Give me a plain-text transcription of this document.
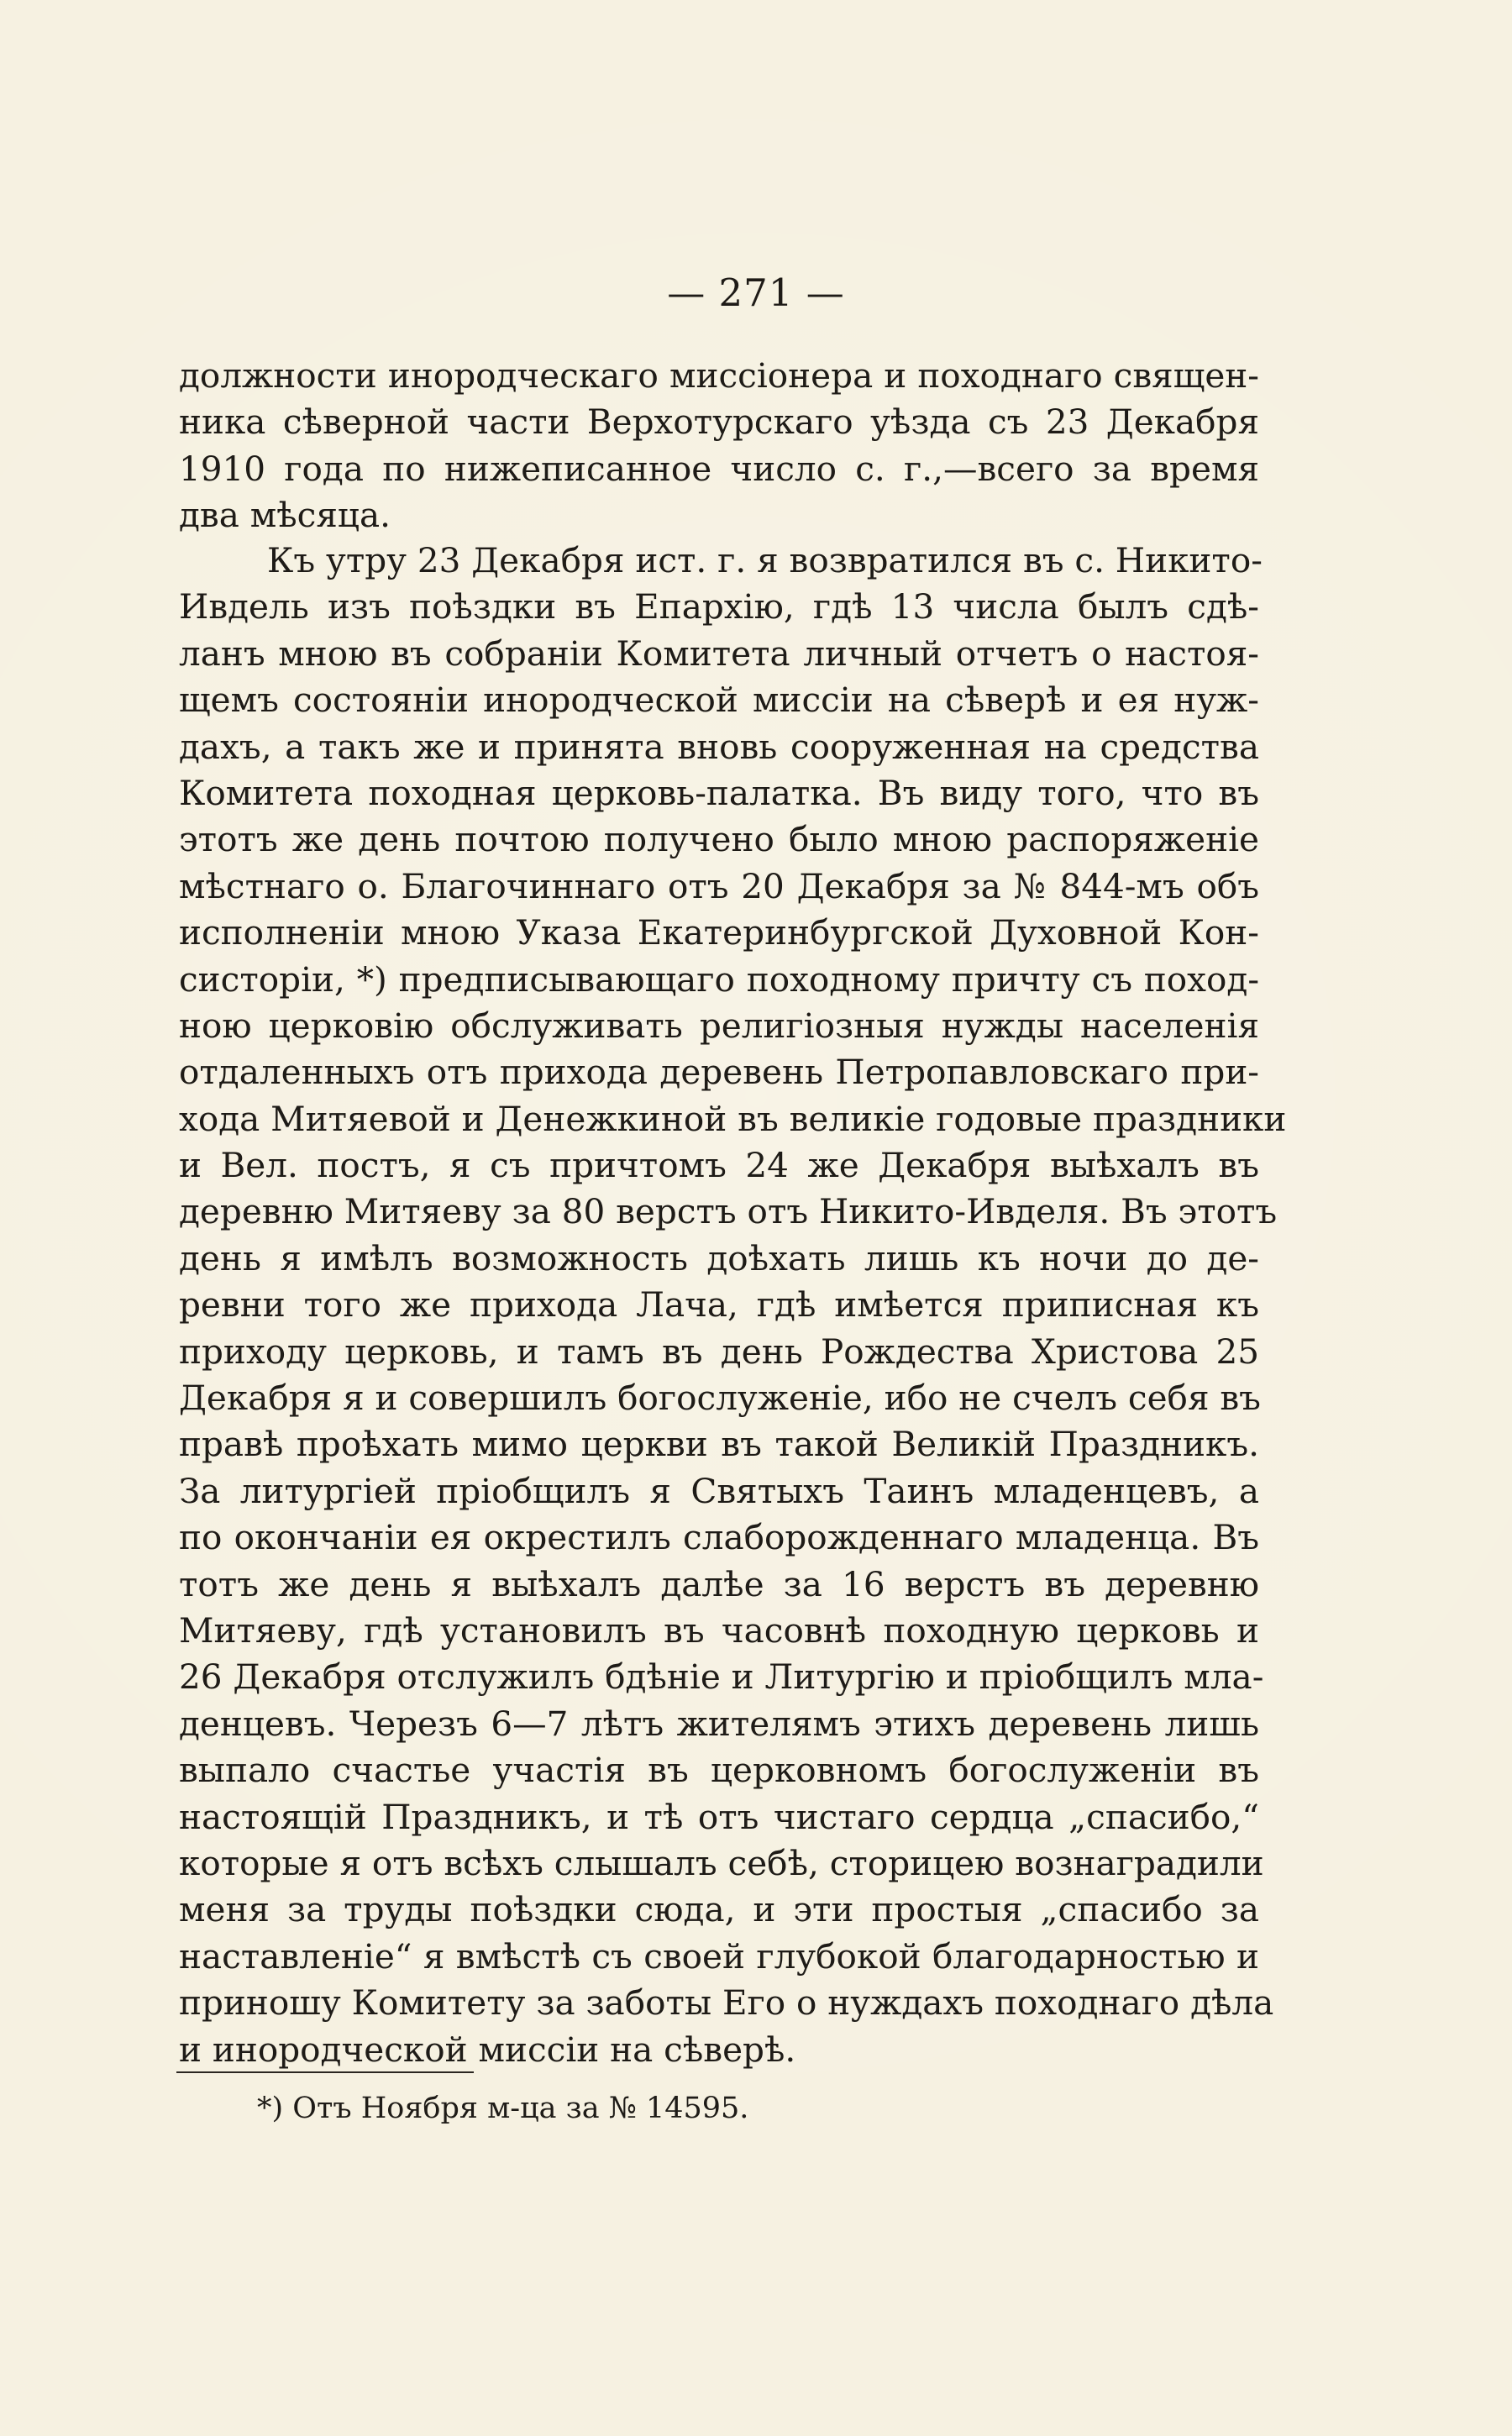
— 271 —
должности инородческаго миссіонера и походнаго священ-
ника сѣверной части Верхотурскаго уѣзда съ 23 Декабря
1910 года по нижеписанное число с. г.,—всего за время
два мѣсяца.
Къ утру 23 Декабря ист. г. я возвратился въ с. Никито-
Ивдель изъ поѣздки въ Епархію, гдѣ 13 числа былъ сдѣ-
ланъ мною въ собраніи Комитета личный отчетъ о настоя-
щемъ состояніи инородческой миссіи на сѣверѣ и ея нуж-
дахъ, а такъ же и принята вновь сооруженная на средства
Комитета походная церковь-палатка. Въ виду того, что въ
этотъ же день почтою получено было мною распоряженіе
мѣстнаго о. Благочиннаго отъ 20 Декабря за № 844-мъ объ
исполненіи мною Указа Екатеринбургской Духовной Кон-
систоріи, *) предписывающаго походному причту съ поход-
ною церковію обслуживать религіозныя нужды населенія
отдаленныхъ отъ прихода деревень Петропавловскаго при-
хода Митяевой и Денежкиной въ великіе годовые праздники
и Вел. постъ, я съ причтомъ 24 же Декабря выѣхалъ въ
деревню Митяеву за 80 верстъ отъ Никито-Ивделя. Въ этотъ
день я имѣлъ возможность доѣхать лишь къ ночи до де-
ревни того же прихода Лача, гдѣ имѣется приписная къ
приходу церковь, и тамъ въ день Рождества Христова 25
Декабря я и совершилъ богослуженіе, ибо не счелъ себя въ
правѣ проѣхать мимо церкви въ такой Великій Праздникъ.
За литургіей пріобщилъ я Святыхъ Таинъ младенцевъ, а
по окончаніи ея окрестилъ слаборожденнаго младенца. Въ
тотъ же день я выѣхалъ далѣе за 16 верстъ въ деревню
Митяеву, гдѣ установилъ въ часовнѣ походную церковь и
26 Декабря отслужилъ бдѣніе и Литургію и пріобщилъ мла-
денцевъ. Черезъ 6—7 лѣтъ жителямъ этихъ деревень лишь
выпало счастье участія въ церковномъ богослуженіи въ
настоящій Праздникъ, и тѣ отъ чистаго сердца „спасибо,“
которые я отъ всѣхъ слышалъ себѣ, сторицею вознаградили
меня за труды поѣздки сюда, и эти простыя „спасибо за
наставленіе“ я вмѣстѣ съ своей глубокой благодарностью и
приношу Комитету за заботы Его о нуждахъ походнаго дѣла
и инородческой миссіи на сѣверѣ.
*) Отъ Ноября м-ца за № 14595.
